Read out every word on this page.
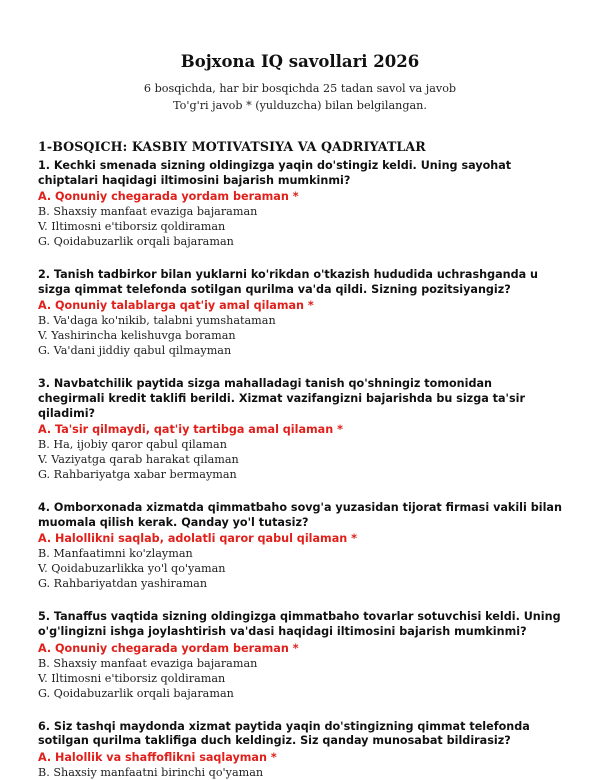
Bojxona IQ savollari 2026

6 bosqichda, har bir bosqichda 25 tadan savol va javob

To'g'ri javob * (yulduzcha) bilan belgilangan.

1-BOSQICH: KASBIY MOTIVATSIYA VA QADRIYATLAR

1. Kechki smenada sizning oldingizga yaqin do'stingiz keldi. Uning sayohat chiptalari haqidagi iltimosini bajarish mumkinmi?

A. Qonuniy chegarada yordam beraman *

B. Shaxsiy manfaat evaziga bajaraman

V. Iltimosni e'tiborsiz qoldiraman

G. Qoidabuzarlik orqali bajaraman

2. Tanish tadbirkor bilan yuklarni ko'rikdan o'tkazish hududida uchrashganda u sizga qimmat telefonda sotilgan qurilma va'da qildi. Sizning pozitsiyangiz?

A. Qonuniy talablarga qat'iy amal qilaman *

B. Va'daga ko'nikib, talabni yumshataman

V. Yashirincha kelishuvga boraman

G. Va'dani jiddiy qabul qilmayman

3. Navbatchilik paytida sizga mahalladagi tanish qo'shningiz tomonidan chegirmali kredit taklifi berildi. Xizmat vazifangizni bajarishda bu sizga ta'sir qiladimi?

A. Ta'sir qilmaydi, qat'iy tartibga amal qilaman *

B. Ha, ijobiy qaror qabul qilaman

V. Vaziyatga qarab harakat qilaman

G. Rahbariyatga xabar bermayman

4. Omborxonada xizmatda qimmatbaho sovg'a yuzasidan tijorat firmasi vakili bilan muomala qilish kerak. Qanday yo'l tutasiz?

A. Halollikni saqlab, adolatli qaror qabul qilaman *

B. Manfaatimni ko'zlayman

V. Qoidabuzarlikka yo'l qo'yaman

G. Rahbariyatdan yashiraman

5. Tanaffus vaqtida sizning oldingizga qimmatbaho tovarlar sotuvchisi keldi. Uning o'g'lingizni ishga joylashtirish va'dasi haqidagi iltimosini bajarish mumkinmi?

A. Qonuniy chegarada yordam beraman *

B. Shaxsiy manfaat evaziga bajaraman

V. Iltimosni e'tiborsiz qoldiraman

G. Qoidabuzarlik orqali bajaraman

6. Siz tashqi maydonda xizmat paytida yaqin do'stingizning qimmat telefonda sotilgan qurilma taklifiga duch keldingiz. Siz qanday munosabat bildirasiz?

A. Halollik va shaffoflikni saqlayman *

B. Shaxsiy manfaatni birinchi qo'yaman
